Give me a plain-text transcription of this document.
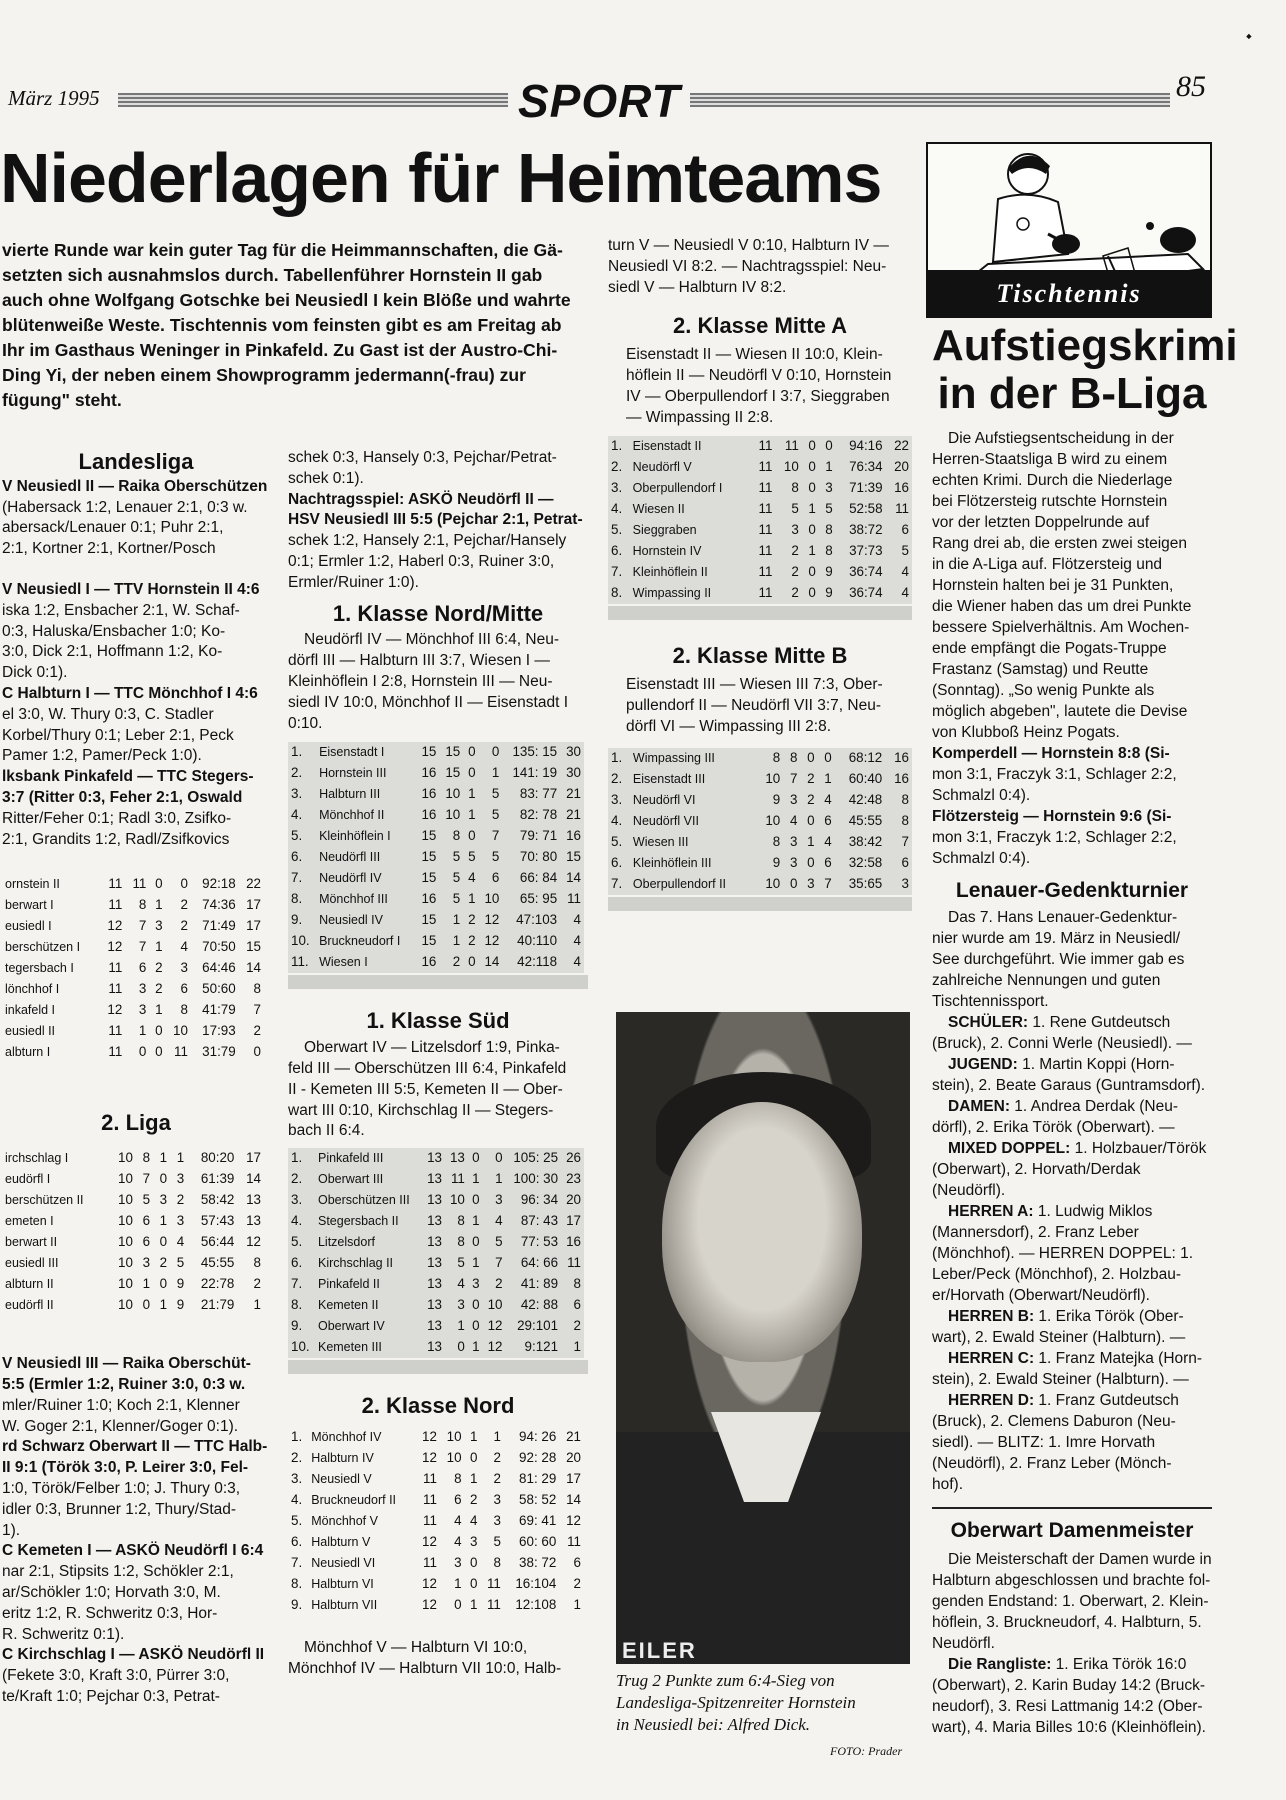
März 1995	SPORT	85
Niederlagen für Heimteams

vierte Runde war kein guter Tag für die Heimmannschaften, die Gä-

setzten sich ausnahmslos durch. Tabellenführer Hornstein II gab

auch ohne Wolfgang Gotschke bei Neusiedl I kein Blöße und wahrte

blütenweiße Weste. Tischtennis vom feinsten gibt es am Freitag ab

Ihr im Gasthaus Weninger in Pinkafeld. Zu Gast ist der Austro-Chi-

Ding Yi, der neben einem Showprogramm jedermann(-frau) zur

fügung" steht.

Landesliga

V Neusiedl II — Raika Oberschützen

(Habersack 1:2, Lenauer 2:1, 0:3 w.

abersack/Lenauer 0:1; Puhr 2:1,

2:1, Kortner 2:1, Kortner/Posch

V Neusiedl I — TTV Hornstein II 4:6

iska 1:2, Ensbacher 2:1, W. Schaf-

0:3, Haluska/Ensbacher 1:0; Ko-

3:0, Dick 2:1, Hoffmann 1:2, Ko-

Dick 0:1).

C Halbturn I — TTC Mönchhof I 4:6

el 3:0, W. Thury 0:3, C. Stadler

Korbel/Thury 0:1; Leber 2:1, Peck

Pamer 1:2, Pamer/Peck 1:0).

lksbank Pinkafeld — TTC Stegers-

3:7 (Ritter 0:3, Feher 2:1, Oswald

Ritter/Feher 0:1; Radl 3:0, Zsifko-

2:1, Grandits 1:2, Radl/Zsifkovics

ornstein II	11	11	0	0	92:18	22
berwart I	11	8	1	2	74:36	17
eusiedl I	12	7	3	2	71:49	17
berschützen I	12	7	1	4	70:50	15
tegersbach I	11	6	2	3	64:46	14
lönchhof I	11	3	2	6	50:60	8
inkafeld I	12	3	1	8	41:79	7
eusiedl II	11	1	0	10	17:93	2
albturn I	11	0	0	11	31:79	0
2. Liga
irchschlag I	10	8	1	1	80:20	17
eudörfl I	10	7	0	3	61:39	14
berschützen II	10	5	3	2	58:42	13
emeten I	10	6	1	3	57:43	13
berwart II	10	6	0	4	56:44	12
eusiedl III	10	3	2	5	45:55	8
albturn II	10	1	0	9	22:78	2
eudörfl II	10	0	1	9	21:79	1

V Neusiedl III — Raika Oberschüt-

5:5 (Ermler 1:2, Ruiner 3:0, 0:3 w.

mler/Ruiner 1:0; Koch 2:1, Klenner

W. Goger 2:1, Klenner/Goger 0:1).

rd Schwarz Oberwart II — TTC Halb-

II 9:1 (Török 3:0, P. Leirer 3:0, Fel-

1:0, Török/Felber 1:0; J. Thury 0:3,

idler 0:3, Brunner 1:2, Thury/Stad-

1).

C Kemeten I — ASKÖ Neudörfl I 6:4

nar 2:1, Stipsits 1:2, Schökler 2:1,

ar/Schökler 1:0; Horvath 3:0, M.

eritz 1:2, R. Schweritz 0:3, Hor-

R. Schweritz 0:1).

C Kirchschlag I — ASKÖ Neudörfl II

(Fekete 3:0, Kraft 3:0, Pürrer 3:0,

te/Kraft 1:0; Pejchar 0:3, Petrat-

schek 0:3, Hansely 0:3, Pejchar/Petrat-

schek 0:1).

Nachtragsspiel: ASKÖ Neudörfl II —

HSV Neusiedl III 5:5 (Pejchar 2:1, Petrat-

schek 1:2, Hansely 2:1, Pejchar/Hansely

0:1; Ermler 1:2, Haberl 0:3, Ruiner 3:0,

Ermler/Ruiner 1:0).

1. Klasse Nord/Mitte

Neudörfl IV — Mönchhof III 6:4, Neu-

dörfl III — Halbturn III 3:7, Wiesen I —

Kleinhöflein I 2:8, Hornstein III — Neu-

siedl IV 10:0, Mönchhof II — Eisenstadt I

0:10.

1.	Eisenstadt I	15	15	0	0	135: 15	30
2.	Hornstein III	16	15	0	1	141: 19	30
3.	Halbturn III	16	10	1	5	83: 77	21
4.	Mönchhof II	16	10	1	5	82: 78	21
5.	Kleinhöflein I	15	8	0	7	79: 71	16
6.	Neudörfl III	15	5	5	5	70: 80	15
7.	Neudörfl IV	15	5	4	6	66: 84	14
8.	Mönchhof III	16	5	1	10	65: 95	11
9.	Neusiedl IV	15	1	2	12	47:103	4
10.	Bruckneudorf I	15	1	2	12	40:110	4
11.	Wiesen I	16	2	0	14	42:118	4
1. Klasse Süd

Oberwart IV — Litzelsdorf 1:9, Pinka-

feld III — Oberschützen III 6:4, Pinkafeld

II - Kemeten III 5:5, Kemeten II — Ober-

wart III 0:10, Kirchschlag II — Stegers-

bach II 6:4.

1.	Pinkafeld III	13	13	0	0	105: 25	26
2.	Oberwart III	13	11	1	1	100: 30	23
3.	Oberschützen III	13	10	0	3	96: 34	20
4.	Stegersbach II	13	8	1	4	87: 43	17
5.	Litzelsdorf	13	8	0	5	77: 53	16
6.	Kirchschlag II	13	5	1	7	64: 66	11
7.	Pinkafeld II	13	4	3	2	41: 89	8
8.	Kemeten II	13	3	0	10	42: 88	6
9.	Oberwart IV	13	1	0	12	29:101	2
10.	Kemeten III	13	0	1	12	9:121	1
2. Klasse Nord
1.	Mönchhof IV	12	10	1	1	94: 26	21
2.	Halbturn IV	12	10	0	2	92: 28	20
3.	Neusiedl V	11	8	1	2	81: 29	17
4.	Bruckneudorf II	11	6	2	3	58: 52	14
5.	Mönchhof V	11	4	4	3	69: 41	12
6.	Halbturn V	12	4	3	5	60: 60	11
7.	Neusiedl VI	11	3	0	8	38: 72	6
8.	Halbturn VI	12	1	0	11	16:104	2
9.	Halbturn VII	12	0	1	11	12:108	1

Mönchhof V — Halbturn VI 10:0,

Mönchhof IV — Halbturn VII 10:0, Halb-

turn V — Neusiedl V 0:10, Halbturn IV —

Neusiedl VI 8:2. — Nachtragsspiel: Neu-

siedl V — Halbturn IV 8:2.

2. Klasse Mitte A

Eisenstadt II — Wiesen II 10:0, Klein-

höflein II — Neudörfl V 0:10, Hornstein

IV — Oberpullendorf I 3:7, Sieggraben

— Wimpassing II 2:8.

1.	Eisenstadt II	11	11	0	0	94:16	22
2.	Neudörfl V	11	10	0	1	76:34	20
3.	Oberpullendorf I	11	8	0	3	71:39	16
4.	Wiesen II	11	5	1	5	52:58	11
5.	Sieggraben	11	3	0	8	38:72	6
6.	Hornstein IV	11	2	1	8	37:73	5
7.	Kleinhöflein II	11	2	0	9	36:74	4
8.	Wimpassing II	11	2	0	9	36:74	4
2. Klasse Mitte B

Eisenstadt III — Wiesen III 7:3, Ober-

pullendorf II — Neudörfl VII 3:7, Neu-

dörfl VI — Wimpassing III 2:8.

1.	Wimpassing III	8	8	0	0	68:12	16
2.	Eisenstadt III	10	7	2	1	60:40	16
3.	Neudörfl VI	9	3	2	4	42:48	8
4.	Neudörfl VII	10	4	0	6	45:55	8
5.	Wiesen III	8	3	1	4	38:42	7
6.	Kleinhöflein III	9	3	0	6	32:58	6
7.	Oberpullendorf II	10	0	3	7	35:65	3
EILER
Trug 2 Punkte zum 6:4-Sieg von
Landesliga-Spitzenreiter Hornstein
in Neusiedl bei: Alfred Dick.
FOTO: Prader
Tischtennis
Aufstiegskrimi
in der B-Liga

Die Aufstiegsentscheidung in der

Herren-Staatsliga B wird zu einem

echten Krimi. Durch die Niederlage

bei Flötzersteig rutschte Hornstein

vor der letzten Doppelrunde auf

Rang drei ab, die ersten zwei steigen

in die A-Liga auf. Flötzersteig und

Hornstein halten bei je 31 Punkten,

die Wiener haben das um drei Punkte

bessere Spielverhältnis. Am Wochen-

ende empfängt die Pogats-Truppe

Frastanz (Samstag) und Reutte

(Sonntag). „So wenig Punkte als

möglich abgeben", lautete die Devise

von Klubboß Heinz Pogats.

Komperdell — Hornstein 8:8 (Si-

mon 3:1, Fraczyk 3:1, Schlager 2:2,

Schmalzl 0:4).

Flötzersteig — Hornstein 9:6 (Si-

mon 3:1, Fraczyk 1:2, Schlager 2:2,

Schmalzl 0:4).

Lenauer-Gedenkturnier

Das 7. Hans Lenauer-Gedenktur-

nier wurde am 19. März in Neusiedl/

See durchgeführt. Wie immer gab es

zahlreiche Nennungen und guten

Tischtennissport.

SCHÜLER: 1. Rene Gutdeutsch

(Bruck), 2. Conni Werle (Neusiedl). —

JUGEND: 1. Martin Koppi (Horn-

stein), 2. Beate Garaus (Guntramsdorf).

DAMEN: 1. Andrea Derdak (Neu-

dörfl), 2. Erika Török (Oberwart). —

MIXED DOPPEL: 1. Holzbauer/Török

(Oberwart), 2. Horvath/Derdak

(Neudörfl).

HERREN A: 1. Ludwig Miklos

(Mannersdorf), 2. Franz Leber

(Mönchhof). — HERREN DOPPEL: 1.

Leber/Peck (Mönchhof), 2. Holzbau-

er/Horvath (Oberwart/Neudörfl).

HERREN B: 1. Erika Török (Ober-

wart), 2. Ewald Steiner (Halbturn). —

HERREN C: 1. Franz Matejka (Horn-

stein), 2. Ewald Steiner (Halbturn). —

HERREN D: 1. Franz Gutdeutsch

(Bruck), 2. Clemens Daburon (Neu-

siedl). — BLITZ: 1. Imre Horvath

(Neudörfl), 2. Franz Leber (Mönch-

hof).

Oberwart Damenmeister

Die Meisterschaft der Damen wurde in

Halbturn abgeschlossen und brachte fol-

genden Endstand: 1. Oberwart, 2. Klein-

höflein, 3. Bruckneudorf, 4. Halbturn, 5.

Neudörfl.

Die Rangliste: 1. Erika Török 16:0

(Oberwart), 2. Karin Buday 14:2 (Bruck-

neudorf), 3. Resi Lattmanig 14:2 (Ober-

wart), 4. Maria Billes 10:6 (Kleinhöflein).

⬩
